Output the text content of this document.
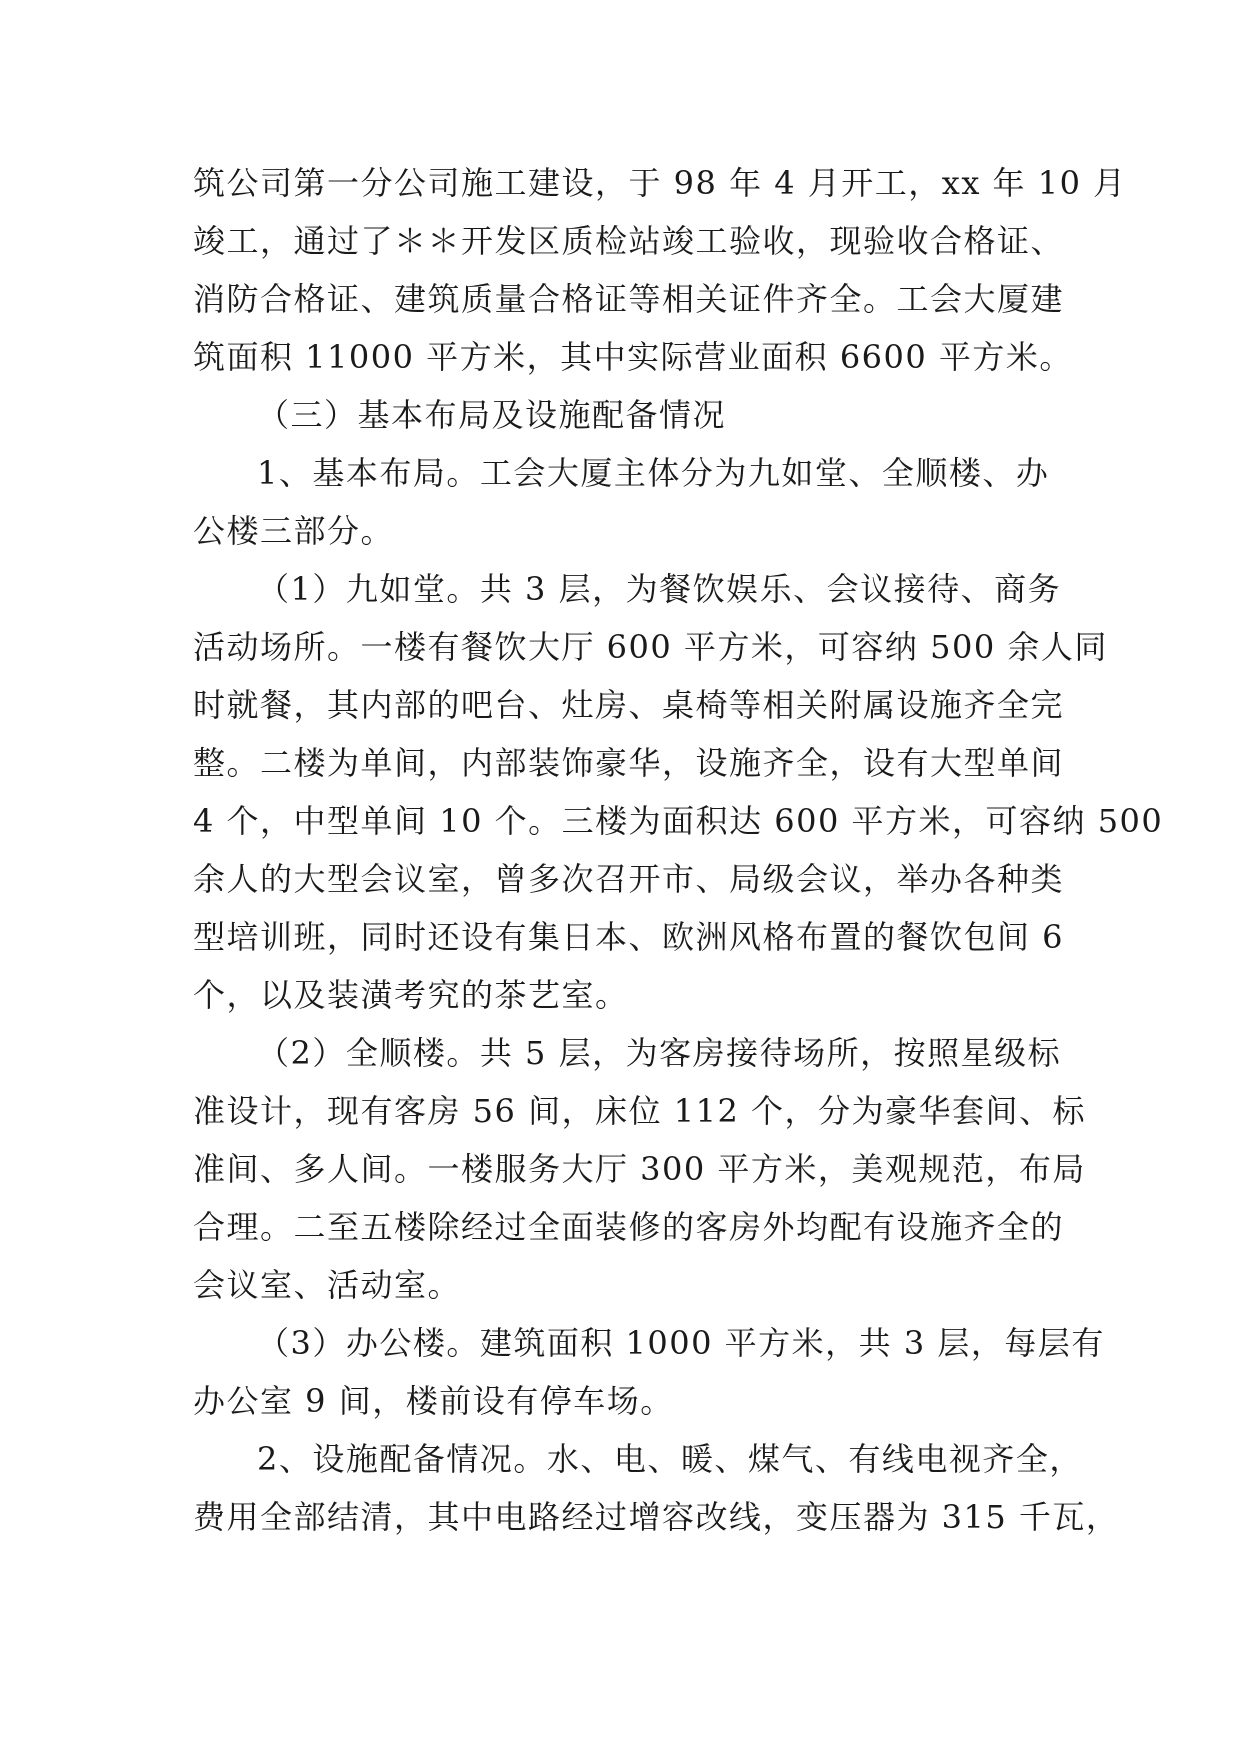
筑公司第一分公司施工建设，于 98 年 4 月开工，xx 年 10 月
竣工，通过了＊＊开发区质检站竣工验收，现验收合格证、
消防合格证、建筑质量合格证等相关证件齐全。工会大厦建
筑面积 11000 平方米，其中实际营业面积 6600 平方米。
（三）基本布局及设施配备情况
1、基本布局。工会大厦主体分为九如堂、全顺楼、办
公楼三部分。
（1）九如堂。共 3 层，为餐饮娱乐、会议接待、商务
活动场所。一楼有餐饮大厅 600 平方米，可容纳 500 余人同
时就餐，其内部的吧台、灶房、桌椅等相关附属设施齐全完
整。二楼为单间，内部装饰豪华，设施齐全，设有大型单间
4 个，中型单间 10 个。三楼为面积达 600 平方米，可容纳 500
余人的大型会议室，曾多次召开市、局级会议，举办各种类
型培训班，同时还设有集日本、欧洲风格布置的餐饮包间 6
个，以及装潢考究的茶艺室。
（2）全顺楼。共 5 层，为客房接待场所，按照星级标
准设计，现有客房 56 间，床位 112 个，分为豪华套间、标
准间、多人间。一楼服务大厅 300 平方米，美观规范，布局
合理。二至五楼除经过全面装修的客房外均配有设施齐全的
会议室、活动室。
（3）办公楼。建筑面积 1000 平方米，共 3 层，每层有
办公室 9 间，楼前设有停车场。
2、设施配备情况。水、电、暖、煤气、有线电视齐全，
费用全部结清，其中电路经过增容改线，变压器为 315 千瓦，
